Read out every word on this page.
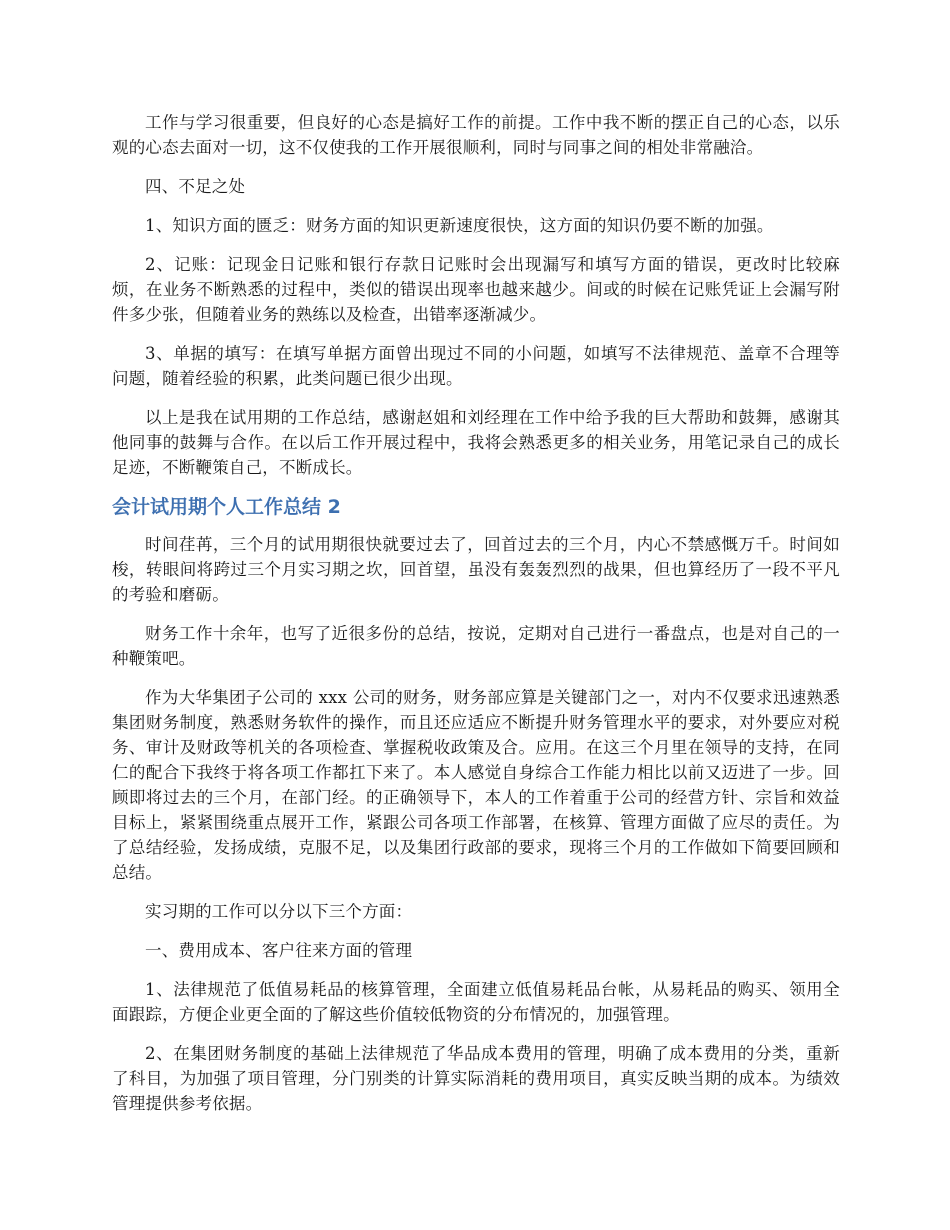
工作与学习很重要，但良好的心态是搞好工作的前提。工作中我不断的摆正自己的心态，以乐观的心态去面对一切，这不仅使我的工作开展很顺利，同时与同事之间的相处非常融洽。

四、不足之处

1、知识方面的匮乏：财务方面的知识更新速度很快，这方面的知识仍要不断的加强。

2、记账：记现金日记账和银行存款日记账时会出现漏写和填写方面的错误，更改时比较麻烦，在业务不断熟悉的过程中，类似的错误出现率也越来越少。间或的时候在记账凭证上会漏写附件多少张，但随着业务的熟练以及检查，出错率逐渐减少。

3、单据的填写：在填写单据方面曾出现过不同的小问题，如填写不法律规范、盖章不合理等问题，随着经验的积累，此类问题已很少出现。

以上是我在试用期的工作总结，感谢赵姐和刘经理在工作中给予我的巨大帮助和鼓舞，感谢其他同事的鼓舞与合作。在以后工作开展过程中，我将会熟悉更多的相关业务，用笔记录自己的成长足迹，不断鞭策自己，不断成长。

会计试用期个人工作总结 2

时间荏苒，三个月的试用期很快就要过去了，回首过去的三个月，内心不禁感慨万千。时间如梭，转眼间将跨过三个月实习期之坎，回首望，虽没有轰轰烈烈的战果，但也算经历了一段不平凡的考验和磨砺。

财务工作十余年，也写了近很多份的总结，按说，定期对自己进行一番盘点，也是对自己的一种鞭策吧。

作为大华集团子公司的 xxx 公司的财务，财务部应算是关键部门之一，对内不仅要求迅速熟悉集团财务制度，熟悉财务软件的操作，而且还应适应不断提升财务管理水平的要求，对外要应对税务、审计及财政等机关的各项检查、掌握税收政策及合。应用。在这三个月里在领导的支持，在同仁的配合下我终于将各项工作都扛下来了。本人感觉自身综合工作能力相比以前又迈进了一步。回顾即将过去的三个月，在部门经。的正确领导下，本人的工作着重于公司的经营方针、宗旨和效益目标上，紧紧围绕重点展开工作，紧跟公司各项工作部署，在核算、管理方面做了应尽的责任。为了总结经验，发扬成绩，克服不足，以及集团行政部的要求，现将三个月的工作做如下简要回顾和总结。

实习期的工作可以分以下三个方面：

一、费用成本、客户往来方面的管理

1、法律规范了低值易耗品的核算管理，全面建立低值易耗品台帐，从易耗品的购买、领用全面跟踪，方便企业更全面的了解这些价值较低物资的分布情况的，加强管理。

2、在集团财务制度的基础上法律规范了华品成本费用的管理，明确了成本费用的分类，重新了科目，为加强了项目管理，分门别类的计算实际消耗的费用项目，真实反映当期的成本。为绩效管理提供参考依据。
